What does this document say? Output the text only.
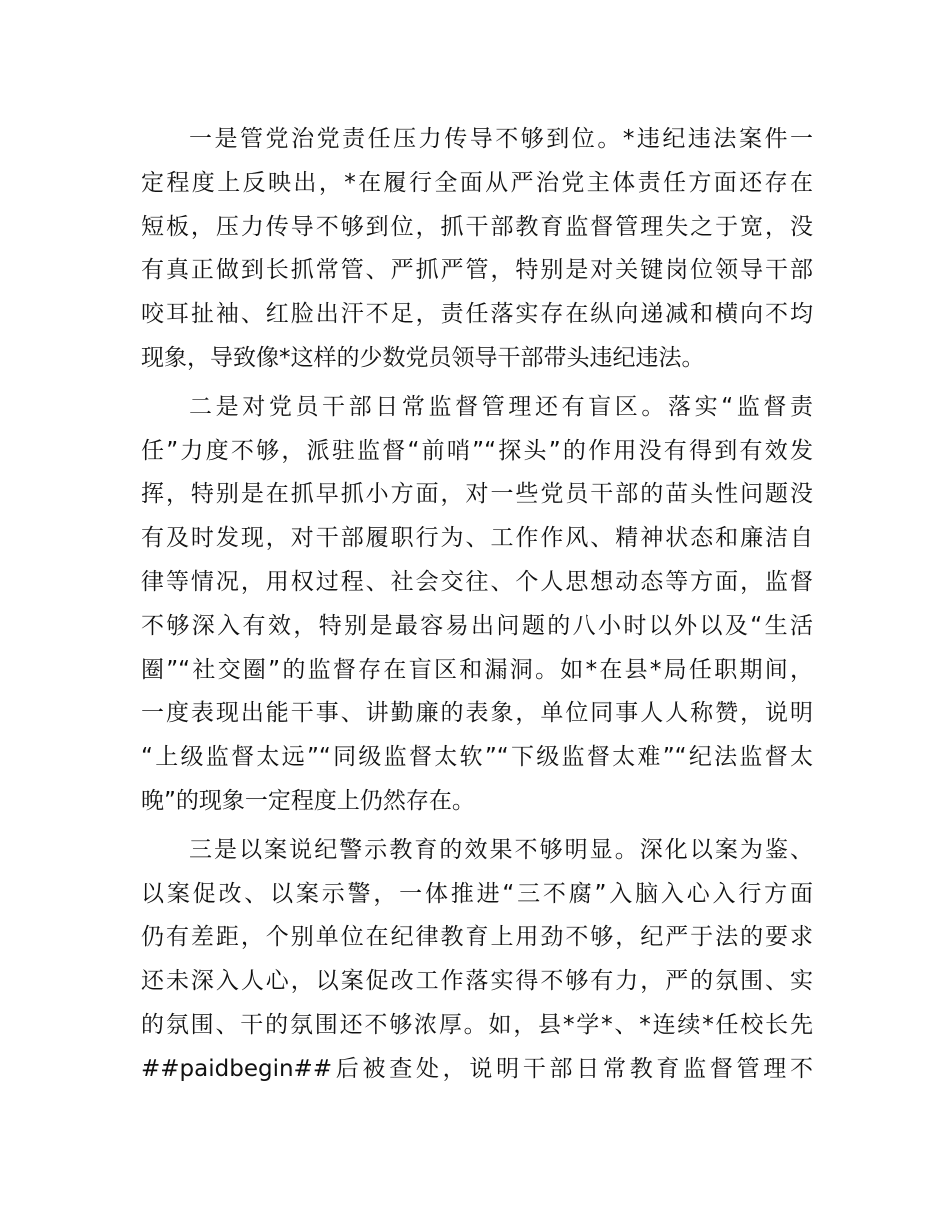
一是管党治党责任压力传导不够到位。*违纪违法案件一
定程度上反映出，*在履行全面从严治党主体责任方面还存在
短板，压力传导不够到位，抓干部教育监督管理失之于宽，没
有真正做到长抓常管、严抓严管，特别是对关键岗位领导干部
咬耳扯袖、红脸出汗不足，责任落实存在纵向递减和横向不均
现象，导致像*这样的少数党员领导干部带头违纪违法。
二是对党员干部日常监督管理还有盲区。落实“监督责
任”力度不够，派驻监督“前哨”“探头”的作用没有得到有效发
挥，特别是在抓早抓小方面，对一些党员干部的苗头性问题没
有及时发现，对干部履职行为、工作作风、精神状态和廉洁自
律等情况，用权过程、社会交往、个人思想动态等方面，监督
不够深入有效，特别是最容易出问题的八小时以外以及“生活
圈”“社交圈”的监督存在盲区和漏洞。如*在县*局任职期间，
一度表现出能干事、讲勤廉的表象，单位同事人人称赞，说明
“上级监督太远”“同级监督太软”“下级监督太难”“纪法监督太
晚”的现象一定程度上仍然存在。
三是以案说纪警示教育的效果不够明显。深化以案为鉴、
以案促改、以案示警，一体推进“三不腐”入脑入心入行方面
仍有差距，个别单位在纪律教育上用劲不够，纪严于法的要求
还未深入人心，以案促改工作落实得不够有力，严的氛围、实
的氛围、干的氛围还不够浓厚。如，县*学*、*连续*任校长先
##paidbegin##后被查处，说明干部日常教育监督管理不
